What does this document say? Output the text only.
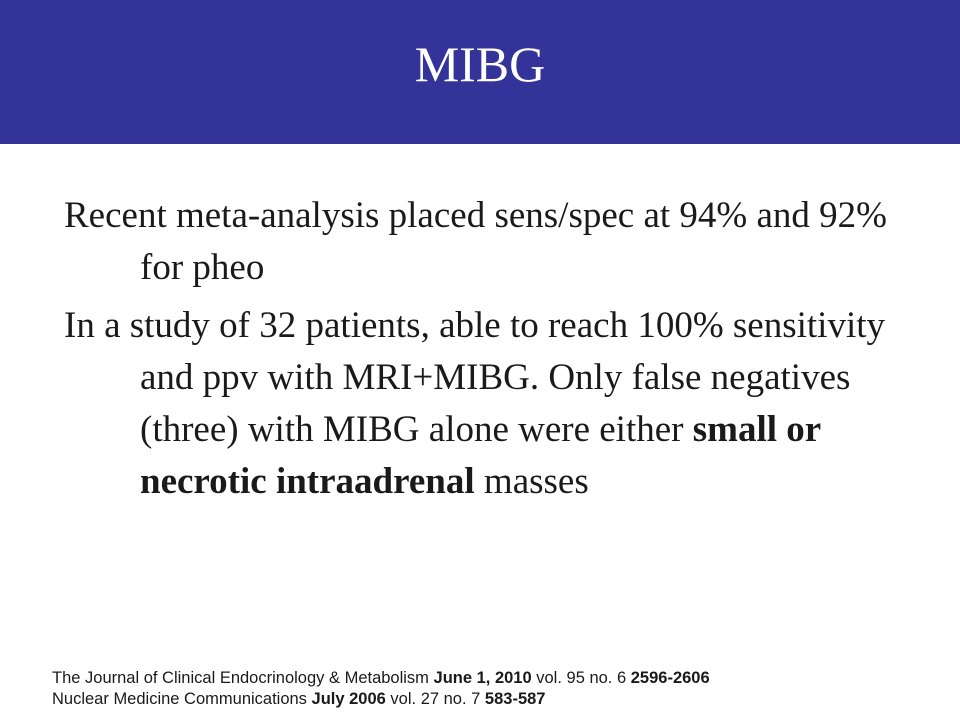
MIBG

Recent meta-analysis placed sens/spec at 94% and 92% for pheo

In a study of 32 patients, able to reach 100% sensitivity and ppv with MRI+MIBG. Only false negatives (three) with MIBG alone were either small or necrotic intraadrenal masses

The Journal of Clinical Endocrinology & Metabolism June 1, 2010 vol. 95 no. 6 2596-2606
Nuclear Medicine Communications July 2006 vol. 27 no. 7 583-587
